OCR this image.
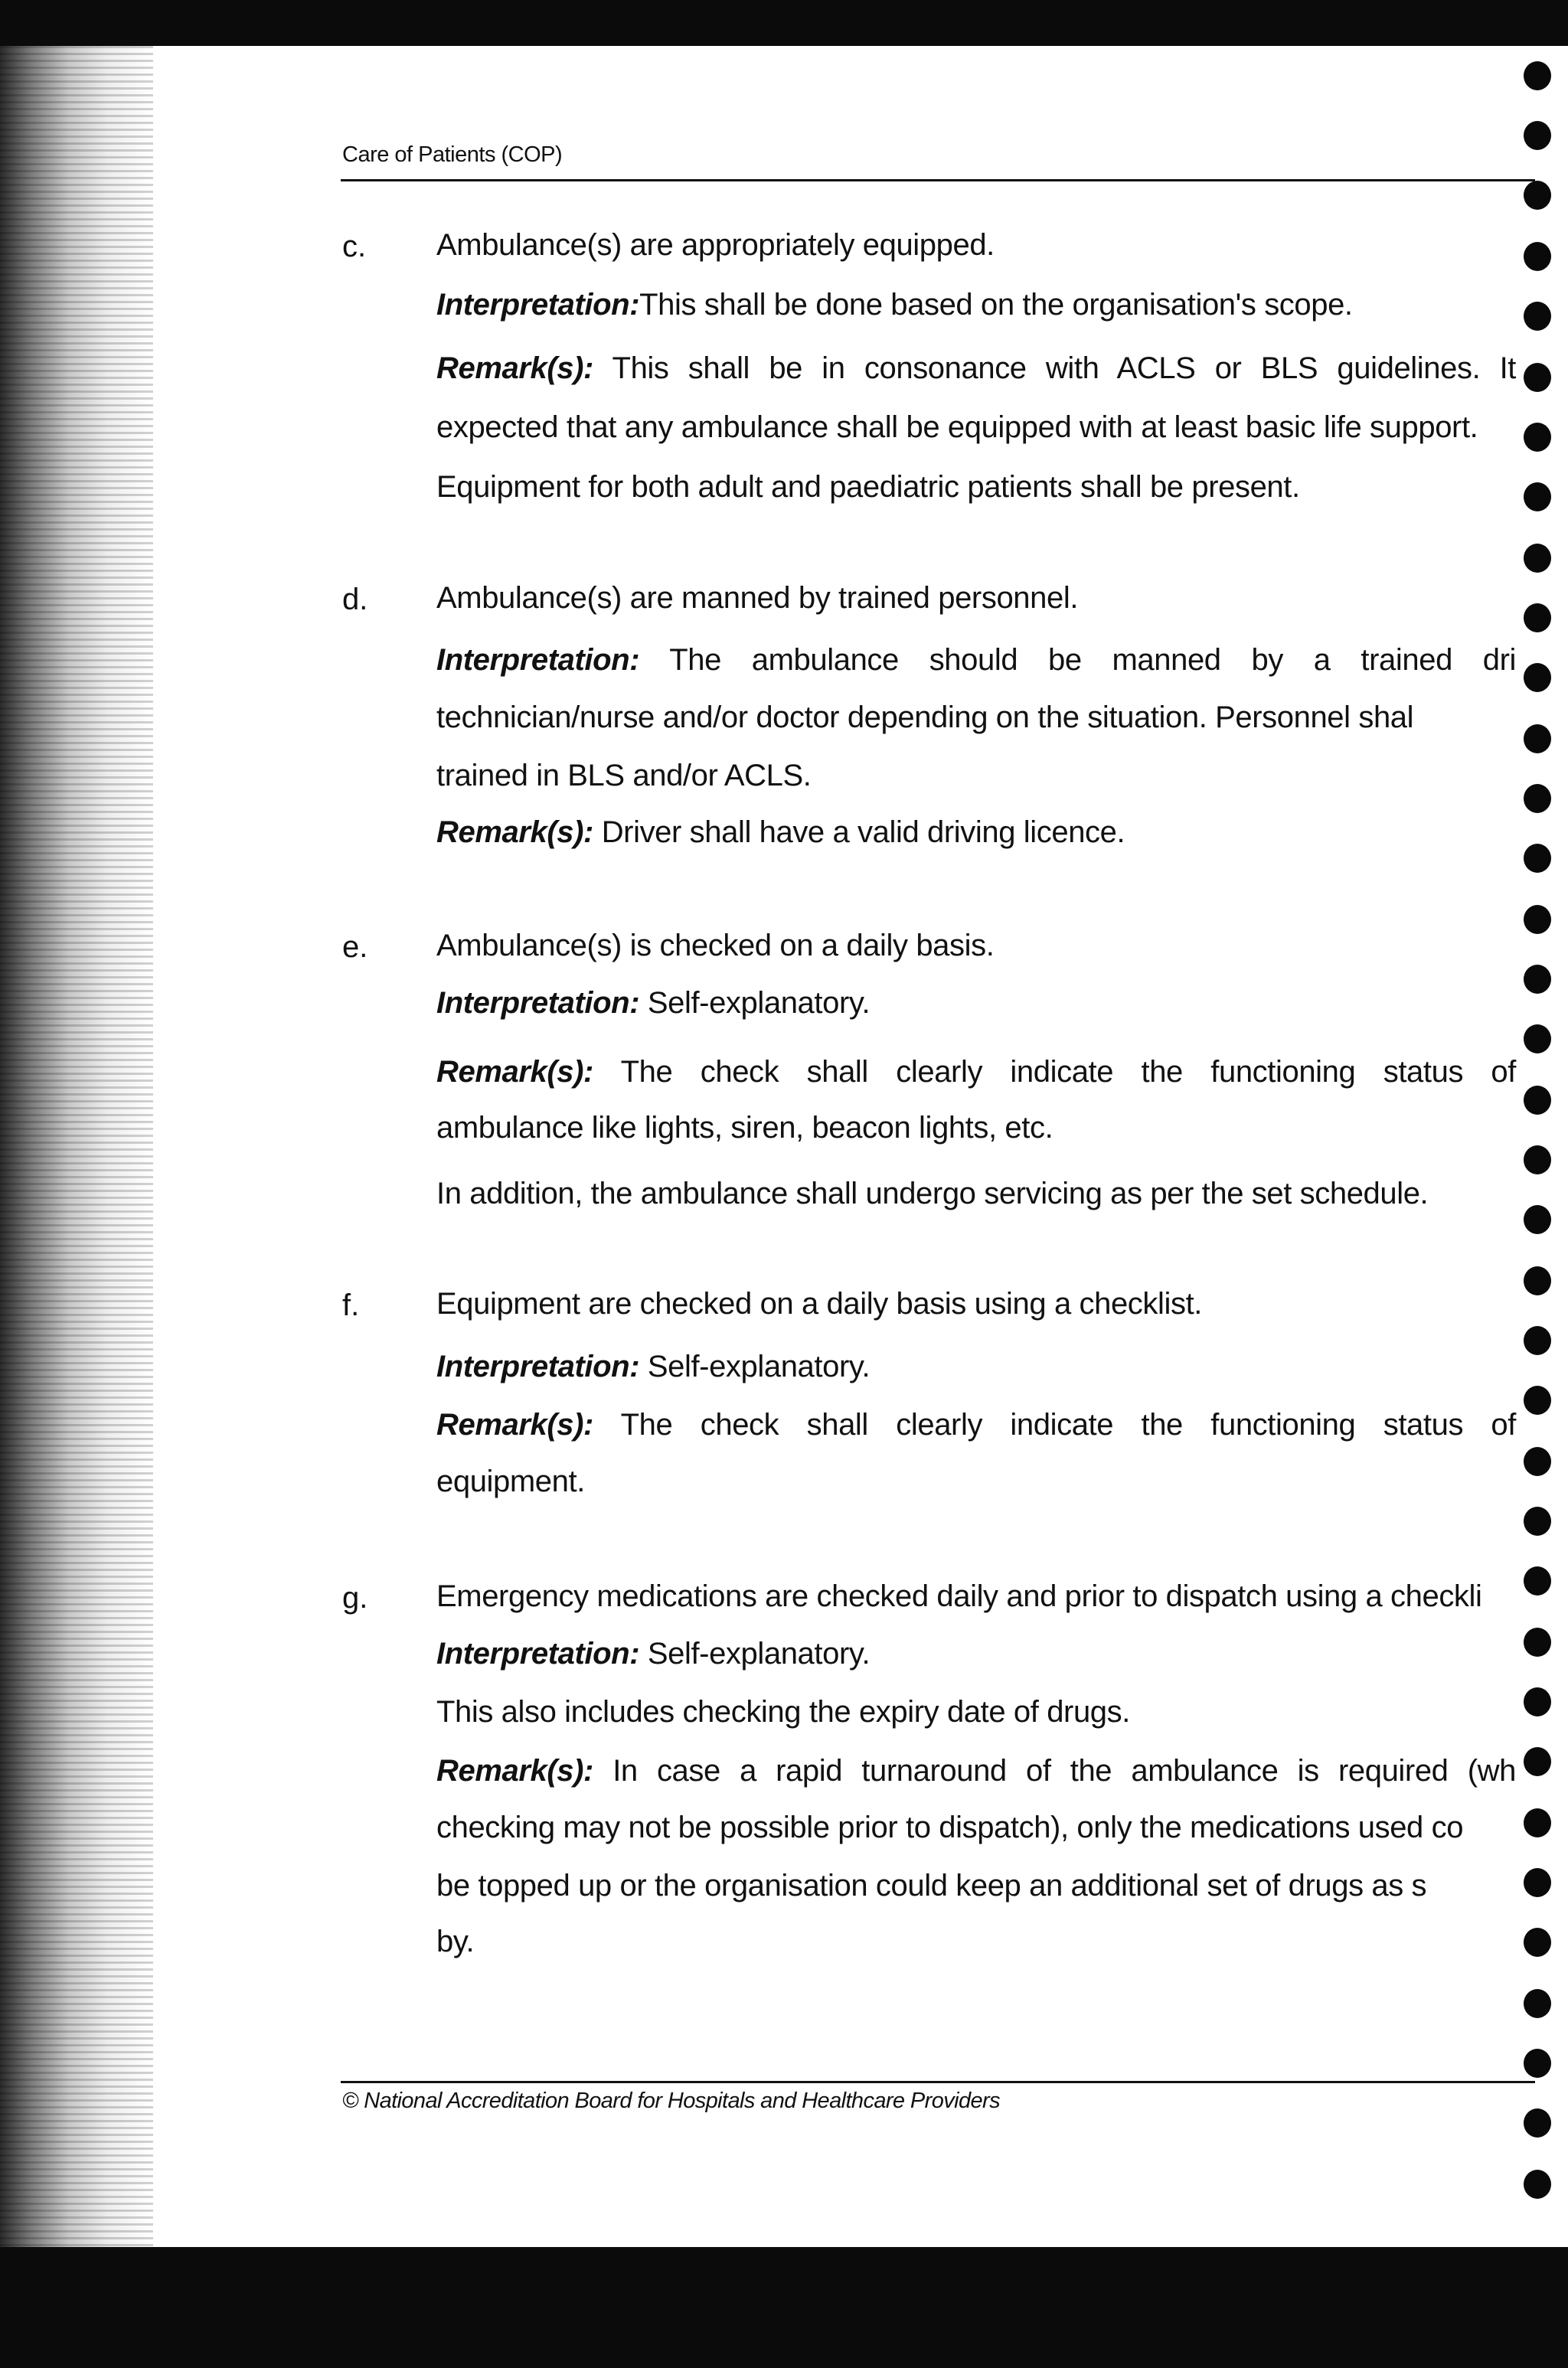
Care of Patients (COP)
c. Ambulance(s) are appropriately equipped.
Interpretation:This shall be done based on the organisation's scope.
Remark(s): This shall be in consonance with ACLS or BLS guidelines. It
expected that any ambulance shall be equipped with at least basic life support.
Equipment for both adult and paediatric patients shall be present.
d. Ambulance(s) are manned by trained personnel.
Interpretation: The ambulance should be manned by a trained dri
technician/nurse and/or doctor depending on the situation. Personnel shal
trained in BLS and/or ACLS.
Remark(s): Driver shall have a valid driving licence.
e. Ambulance(s) is checked on a daily basis.
Interpretation: Self-explanatory.
Remark(s): The check shall clearly indicate the functioning status of
ambulance like lights, siren, beacon lights, etc.
In addition, the ambulance shall undergo servicing as per the set schedule.
f.	Equipment are checked on a daily basis using a checklist.
Interpretation: Self-explanatory.
Remark(s): The check shall clearly indicate the functioning status of
equipment.
g. Emergency medications are checked daily and prior to dispatch using a checkli
Interpretation: Self-explanatory.
This also includes checking the expiry date of drugs.
Remark(s): In case a rapid turnaround of the ambulance is required (wh
checking may not be possible prior to dispatch), only the medications used co
be topped up or the organisation could keep an additional set of drugs as s
by.
© National Accreditation Board for Hospitals and Healthcare Providers
